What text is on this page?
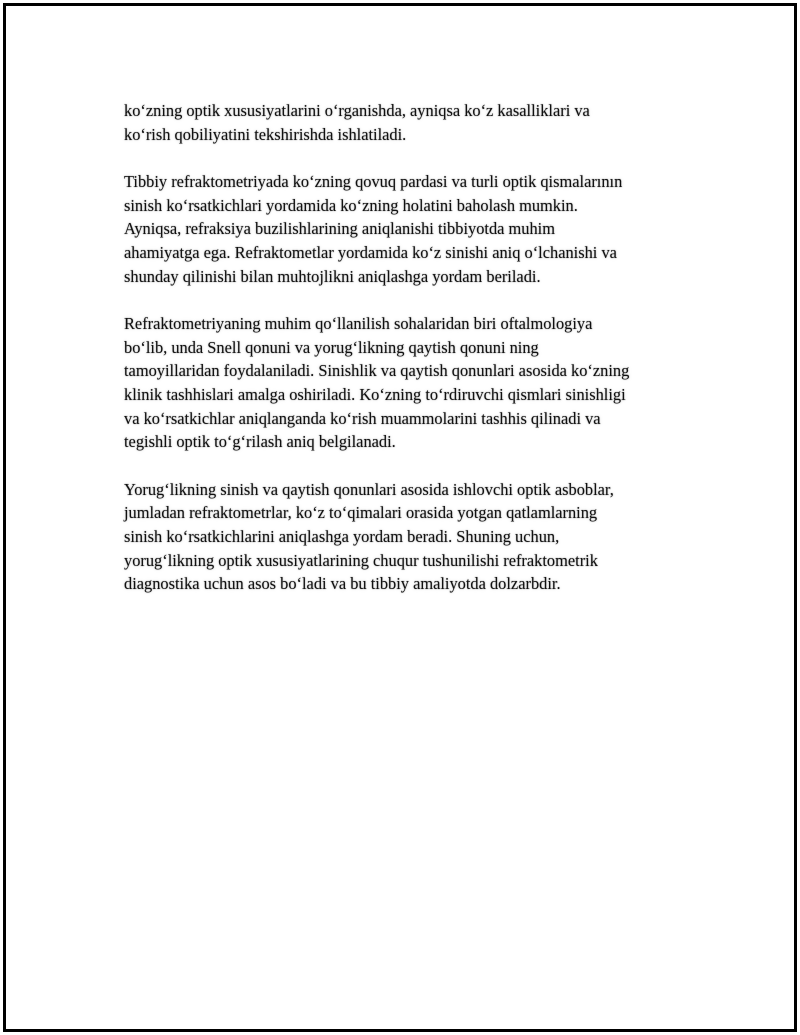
koʻzning optik xususiyatlarini oʻrganishda, ayniqsa koʻz kasalliklari va
koʻrish qobiliyatini tekshirishda ishlatiladi.

Tibbiy refraktometriyada koʻzning qovuq pardasi va turli optik qismalarının
sinish koʻrsatkichlari yordamida koʻzning holatini baholash mumkin.
Ayniqsa, refraksiya buzilishlarining aniqlanishi tibbiyotda muhim
ahamiyatga ega. Refraktometlar yordamida koʻz sinishi aniq oʻlchanishi va
shunday qilinishi bilan muhtojlikni aniqlashga yordam beriladi.

Refraktometriyaning muhim qoʻllanilish sohalaridan biri oftalmologiya
boʻlib, unda Snell qonuni va yorugʻlikning qaytish qonuni ning
tamoyillaridan foydalaniladi. Sinishlik va qaytish qonunlari asosida koʻzning
klinik tashhislari amalga oshiriladi. Koʻzning toʻrdiruvchi qismlari sinishligi
va koʻrsatkichlar aniqlanganda koʻrish muammolarini tashhis qilinadi va
tegishli optik toʻgʻrilash aniq belgilanadi.

Yorugʻlikning sinish va qaytish qonunlari asosida ishlovchi optik asboblar,
jumladan refraktometrlar, koʻz toʻqimalari orasida yotgan qatlamlarning
sinish koʻrsatkichlarini aniqlashga yordam beradi. Shuning uchun,
yorugʻlikning optik xususiyatlarining chuqur tushunilishi refraktometrik
diagnostika uchun asos boʻladi va bu tibbiy amaliyotda dolzarbdir.
